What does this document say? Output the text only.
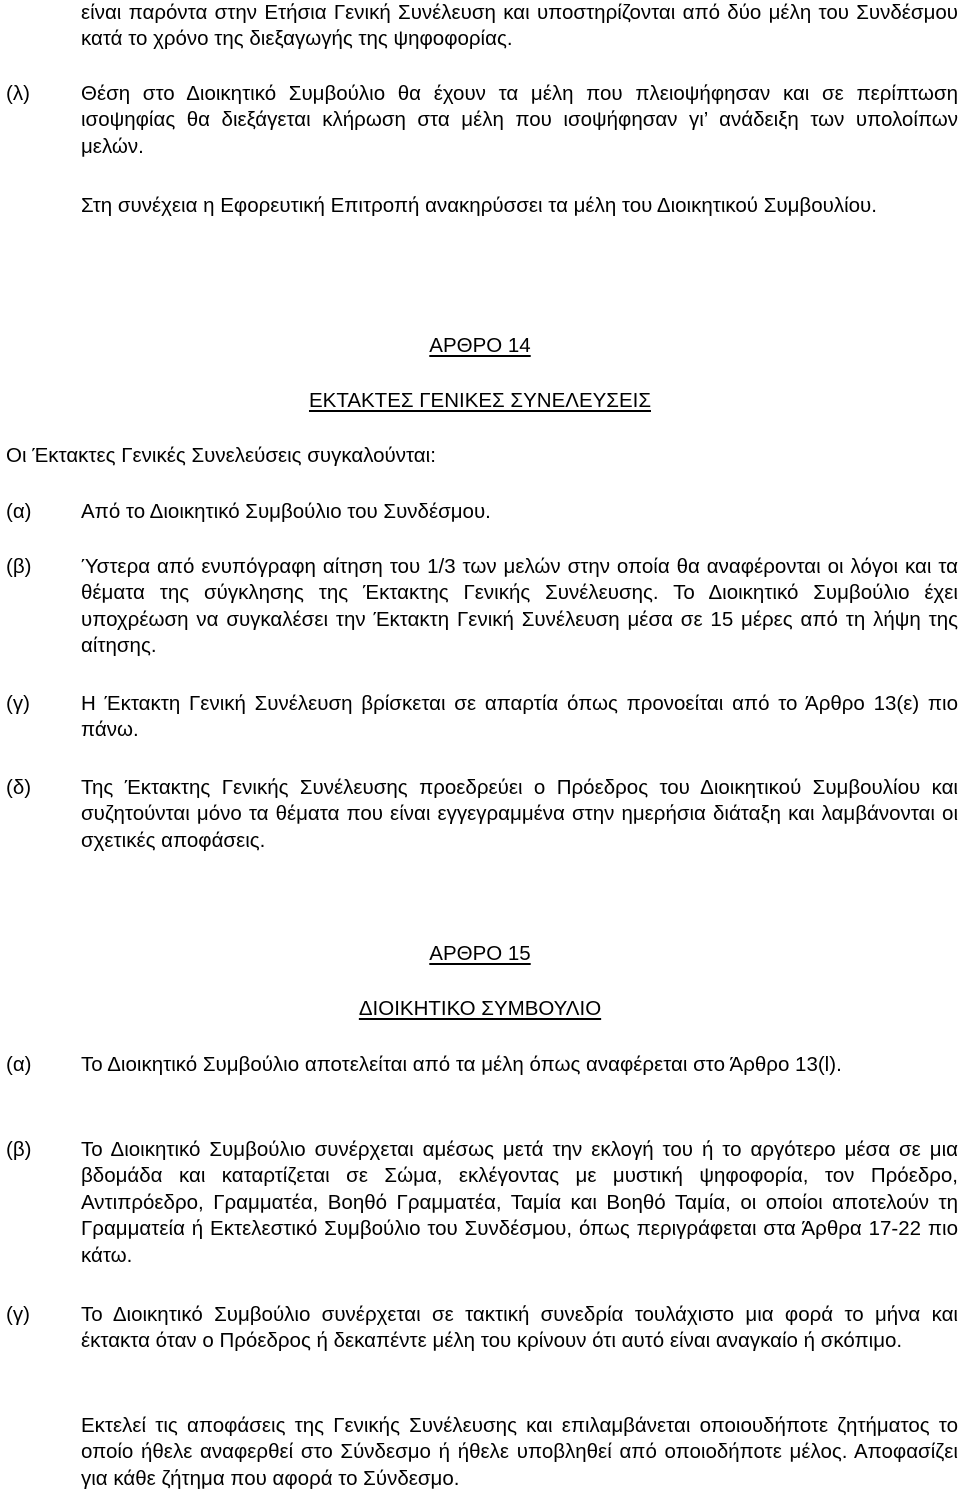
είναι παρόντα στην Ετήσια Γενική Συνέλευση και υποστηρίζονται από δύο μέλη του Συνδέσμου κατά το χρόνο της διεξαγωγής της ψηφοφορίας.

(λ) Θέση στο Διοικητικό Συμβούλιο θα έχουν τα μέλη που πλειοψήφησαν και σε περίπτωση ισοψηφίας θα διεξάγεται κλήρωση στα μέλη που ισοψήφησαν γι’ ανάδειξη των υπολοίπων μελών.

Στη συνέχεια η Εφορευτική Επιτροπή ανακηρύσσει τα μέλη του Διοικητικού Συμβουλίου.

ΑΡΘΡΟ 14

ΕΚΤΑΚΤΕΣ ΓΕΝΙΚΕΣ ΣΥΝΕΛΕΥΣΕΙΣ

Οι Έκτακτες Γενικές Συνελεύσεις συγκαλούνται:

(α) Από το Διοικητικό Συμβούλιο του Συνδέσμου.

(β) Ύστερα από ενυπόγραφη αίτηση του 1/3 των μελών στην οποία θα αναφέρονται οι λόγοι και τα θέματα της σύγκλησης της Έκτακτης Γενικής Συνέλευσης. Το Διοικητικό Συμβούλιο έχει υποχρέωση να συγκαλέσει την Έκτακτη Γενική Συνέλευση μέσα σε 15 μέρες από τη λήψη της αίτησης.

(γ) Η Έκτακτη Γενική Συνέλευση βρίσκεται σε απαρτία όπως προνοείται από το Άρθρο 13(ε) πιο πάνω.

(δ) Της Έκτακτης Γενικής Συνέλευσης προεδρεύει ο Πρόεδρος του Διοικητικού Συμβουλίου και συζητούνται μόνο τα θέματα που είναι εγγεγραμμένα στην ημερήσια διάταξη και λαμβάνονται οι σχετικές αποφάσεις.

ΑΡΘΡΟ 15

ΔΙΟΙΚΗΤΙΚΟ ΣΥΜΒΟΥΛΙΟ

(α) Το Διοικητικό Συμβούλιο αποτελείται από τα μέλη όπως αναφέρεται στο Άρθρο 13(l).

(β) Το Διοικητικό Συμβούλιο συνέρχεται αμέσως μετά την εκλογή του ή το αργότερο μέσα σε μια βδομάδα και καταρτίζεται σε Σώμα, εκλέγοντας με μυστική ψηφοφορία, τον Πρόεδρο, Αντιπρόεδρο, Γραμματέα, Βοηθό Γραμματέα, Ταμία και Βοηθό Ταμία, οι οποίοι αποτελούν τη Γραμματεία ή Εκτελεστικό Συμβούλιο του Συνδέσμου, όπως περιγράφεται στα Άρθρα 17-22 πιο κάτω.

(γ) Το Διοικητικό Συμβούλιο συνέρχεται σε τακτική συνεδρία τουλάχιστο μια φορά το μήνα και έκτακτα όταν ο Πρόεδρος ή δεκαπέντε μέλη του κρίνουν ότι αυτό είναι αναγκαίο ή σκόπιμο.

Εκτελεί τις αποφάσεις της Γενικής Συνέλευσης και επιλαμβάνεται οποιουδήποτε ζητήματος το οποίο ήθελε αναφερθεί στο Σύνδεσμο ή ήθελε υποβληθεί από οποιοδήποτε μέλος. Αποφασίζει για κάθε ζήτημα που αφορά το Σύνδεσμο.
